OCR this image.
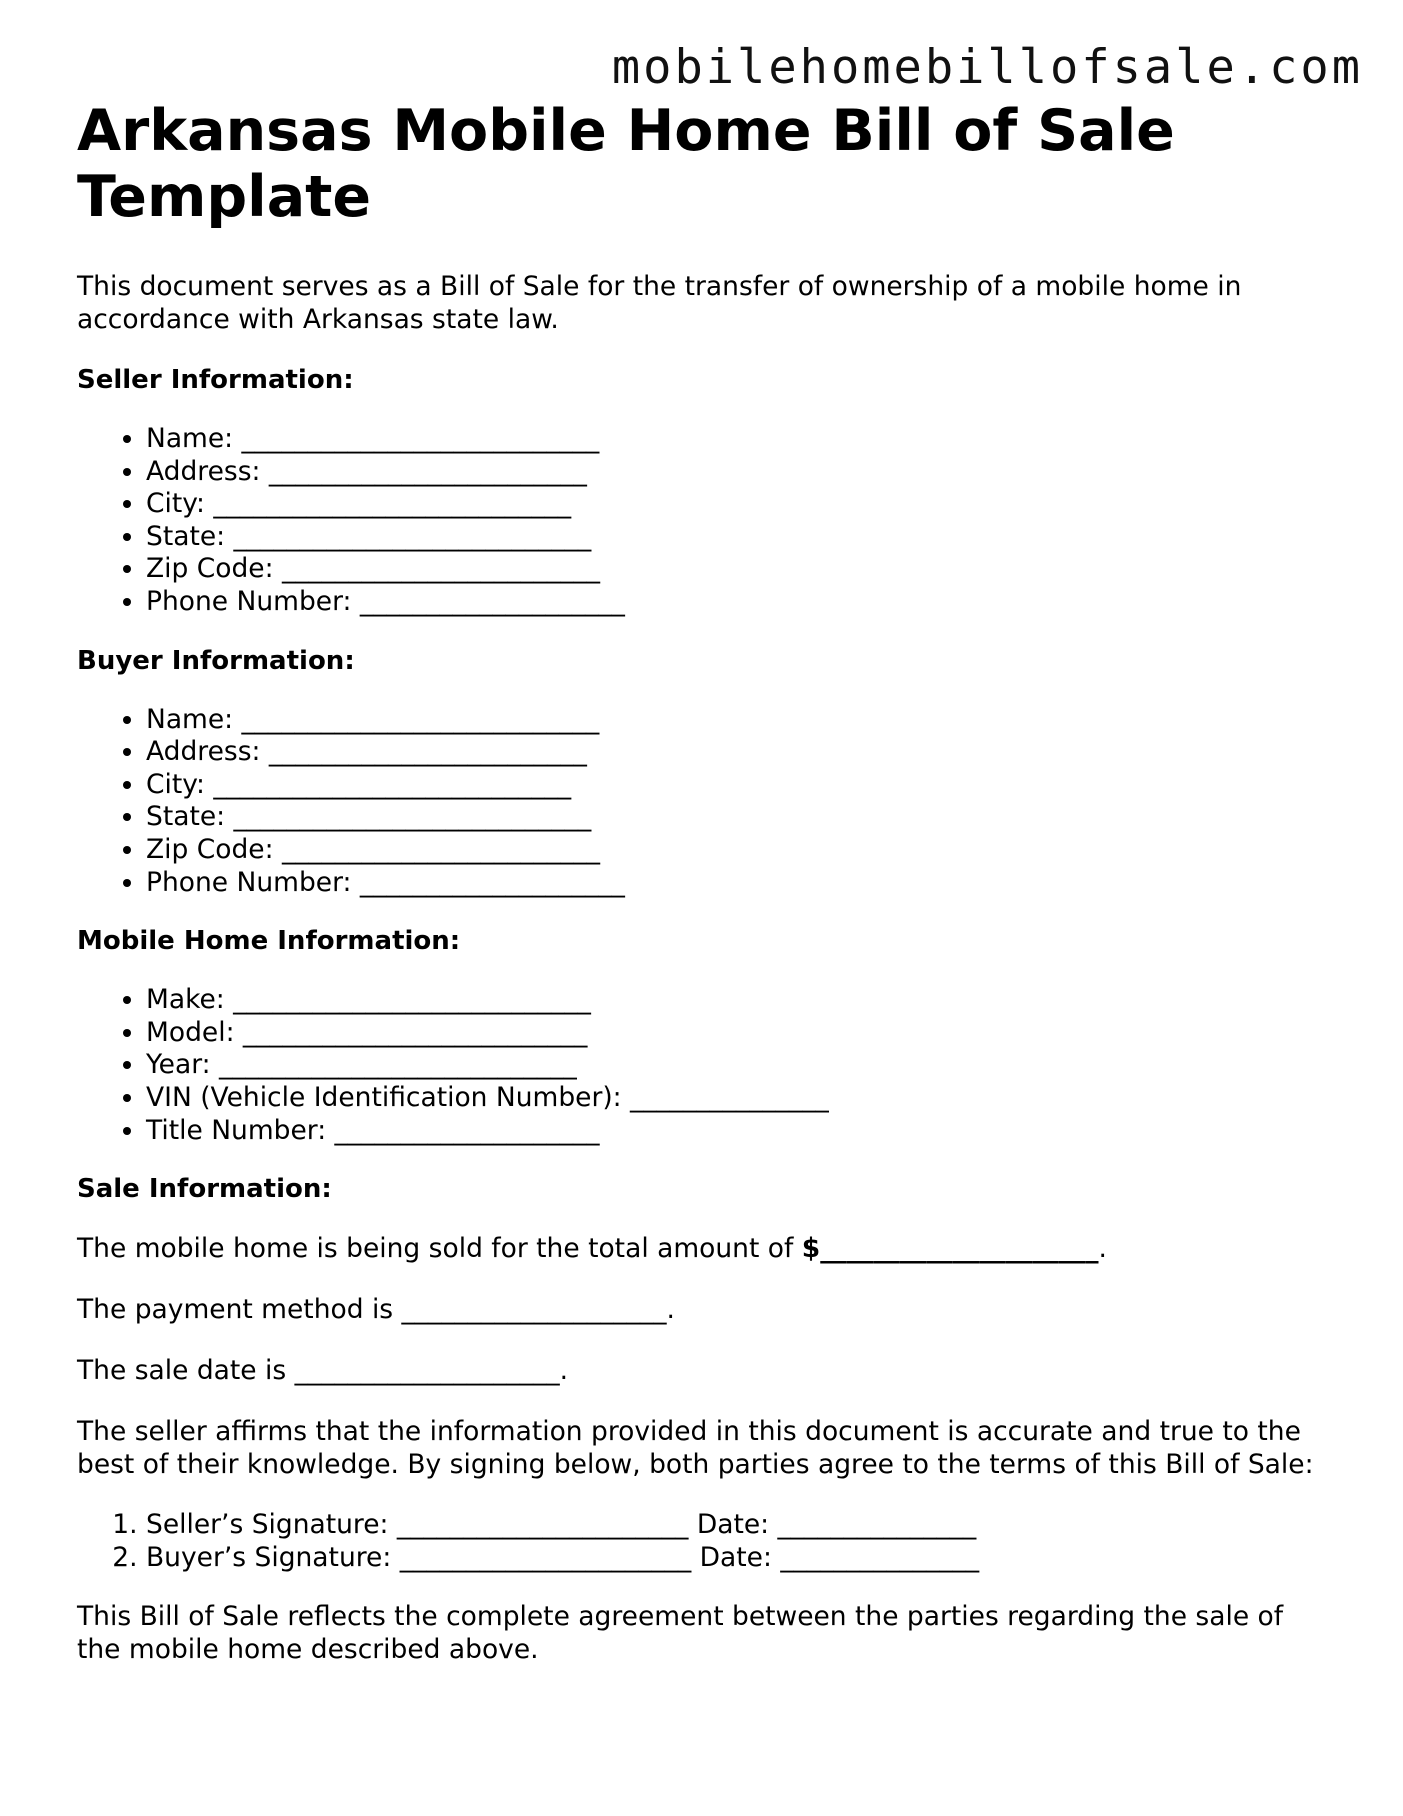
mobilehomebillofsale.com
Arkansas Mobile Home Bill of Sale Template

This document serves as a Bill of Sale for the transfer of ownership of a mobile home in accordance with Arkansas state law.

Seller Information:
• Name: ___________________________
• Address: ________________________
• City: ___________________________
• State: ___________________________
• Zip Code: ________________________
• Phone Number: ____________________
Buyer Information:
• Name: ___________________________
• Address: ________________________
• City: ___________________________
• State: ___________________________
• Zip Code: ________________________
• Phone Number: ____________________
Mobile Home Information:
• Make: ___________________________
• Model: __________________________
• Year: ___________________________
• VIN (Vehicle Identification Number): _______________
• Title Number: ____________________
Sale Information:

The mobile home is being sold for the total amount of $_____________________.

The payment method is ____________________.

The sale date is ____________________.

The seller affirms that the information provided in this document is accurate and true to the best of their knowledge. By signing below, both parties agree to the terms of this Bill of Sale:

1. Seller’s Signature: ______________________ Date: _______________
2. Buyer’s Signature: ______________________ Date: _______________

This Bill of Sale reflects the complete agreement between the parties regarding the sale of the mobile home described above.
